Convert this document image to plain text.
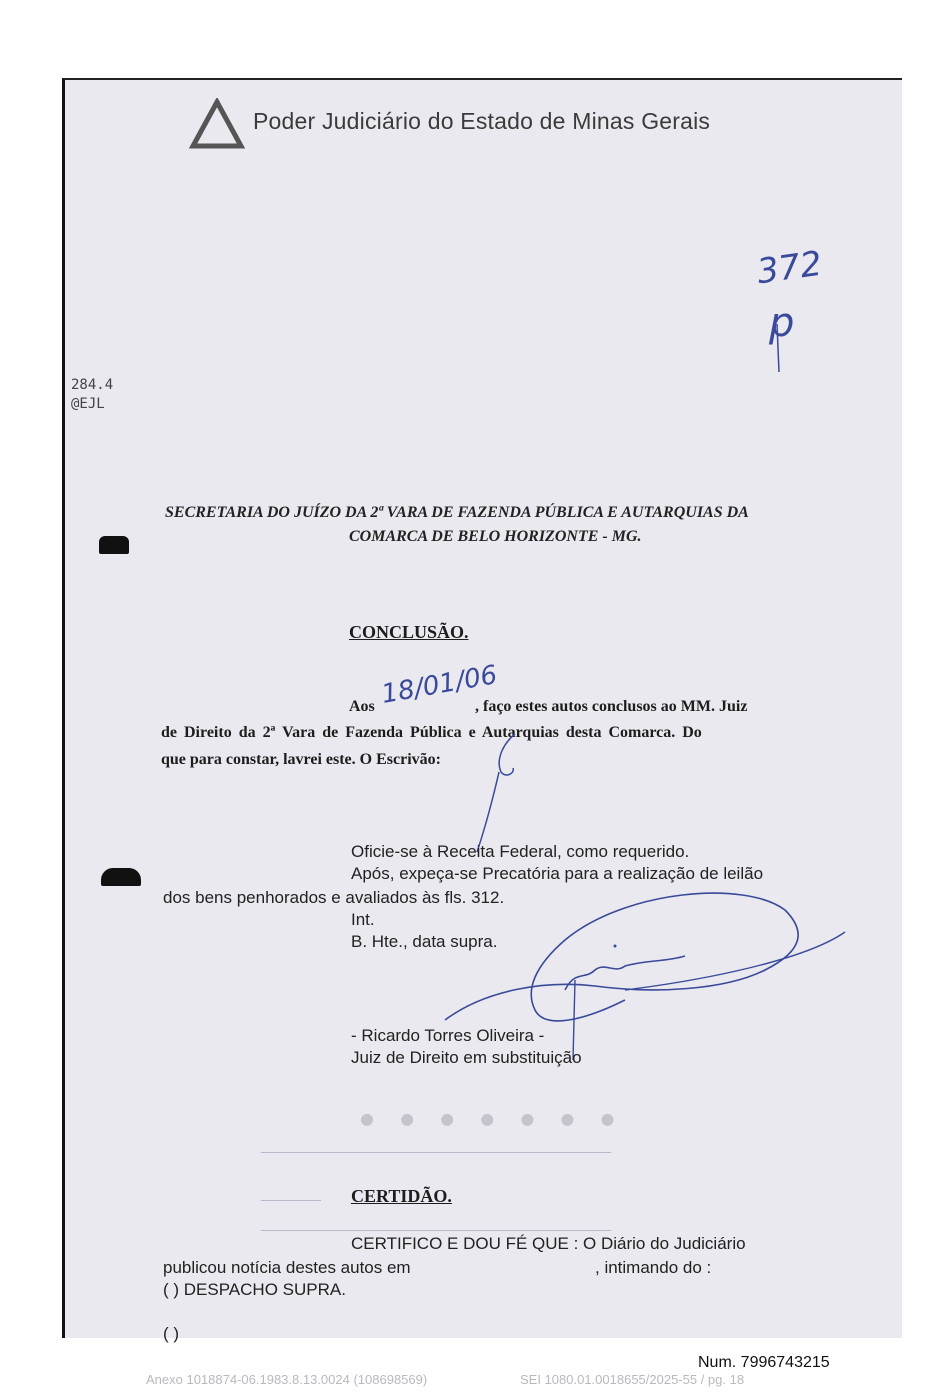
Poder Judiciário do Estado de Minas Gerais
372
p
284.4
@EJL
SECRETARIA DO JUÍZO DA 2ª VARA DE FAZENDA PÚBLICA E AUTARQUIAS DA
COMARCA DE BELO HORIZONTE - MG.
CONCLUSÃO.
Aos 18/01/06
, faço estes autos conclusos ao MM. Juiz
de Direito da 2ª Vara de Fazenda Pública e Autarquias desta Comarca. Do
que para constar, lavrei este. O Escrivão:
Oficie-se à Receita Federal, como requerido.
Após, expeça-se Precatória para a realização de leilão
dos bens penhorados e avaliados às fls. 312.
Int.
B. Hte., data supra.
- Ricardo Torres Oliveira -
Juiz de Direito em substituição
● ● ● ● ● ● ●
CERTIDÃO.
CERTIFICO E DOU FÉ QUE : O Diário do Judiciário
publicou notícia destes autos em	, intimando do :
( ) DESPACHO SUPRA.
( )
Num. 7996743215
Anexo 1018874-06.1983.8.13.0024 (108698569)	SEI 1080.01.0018655/2025-55 / pg. 18
